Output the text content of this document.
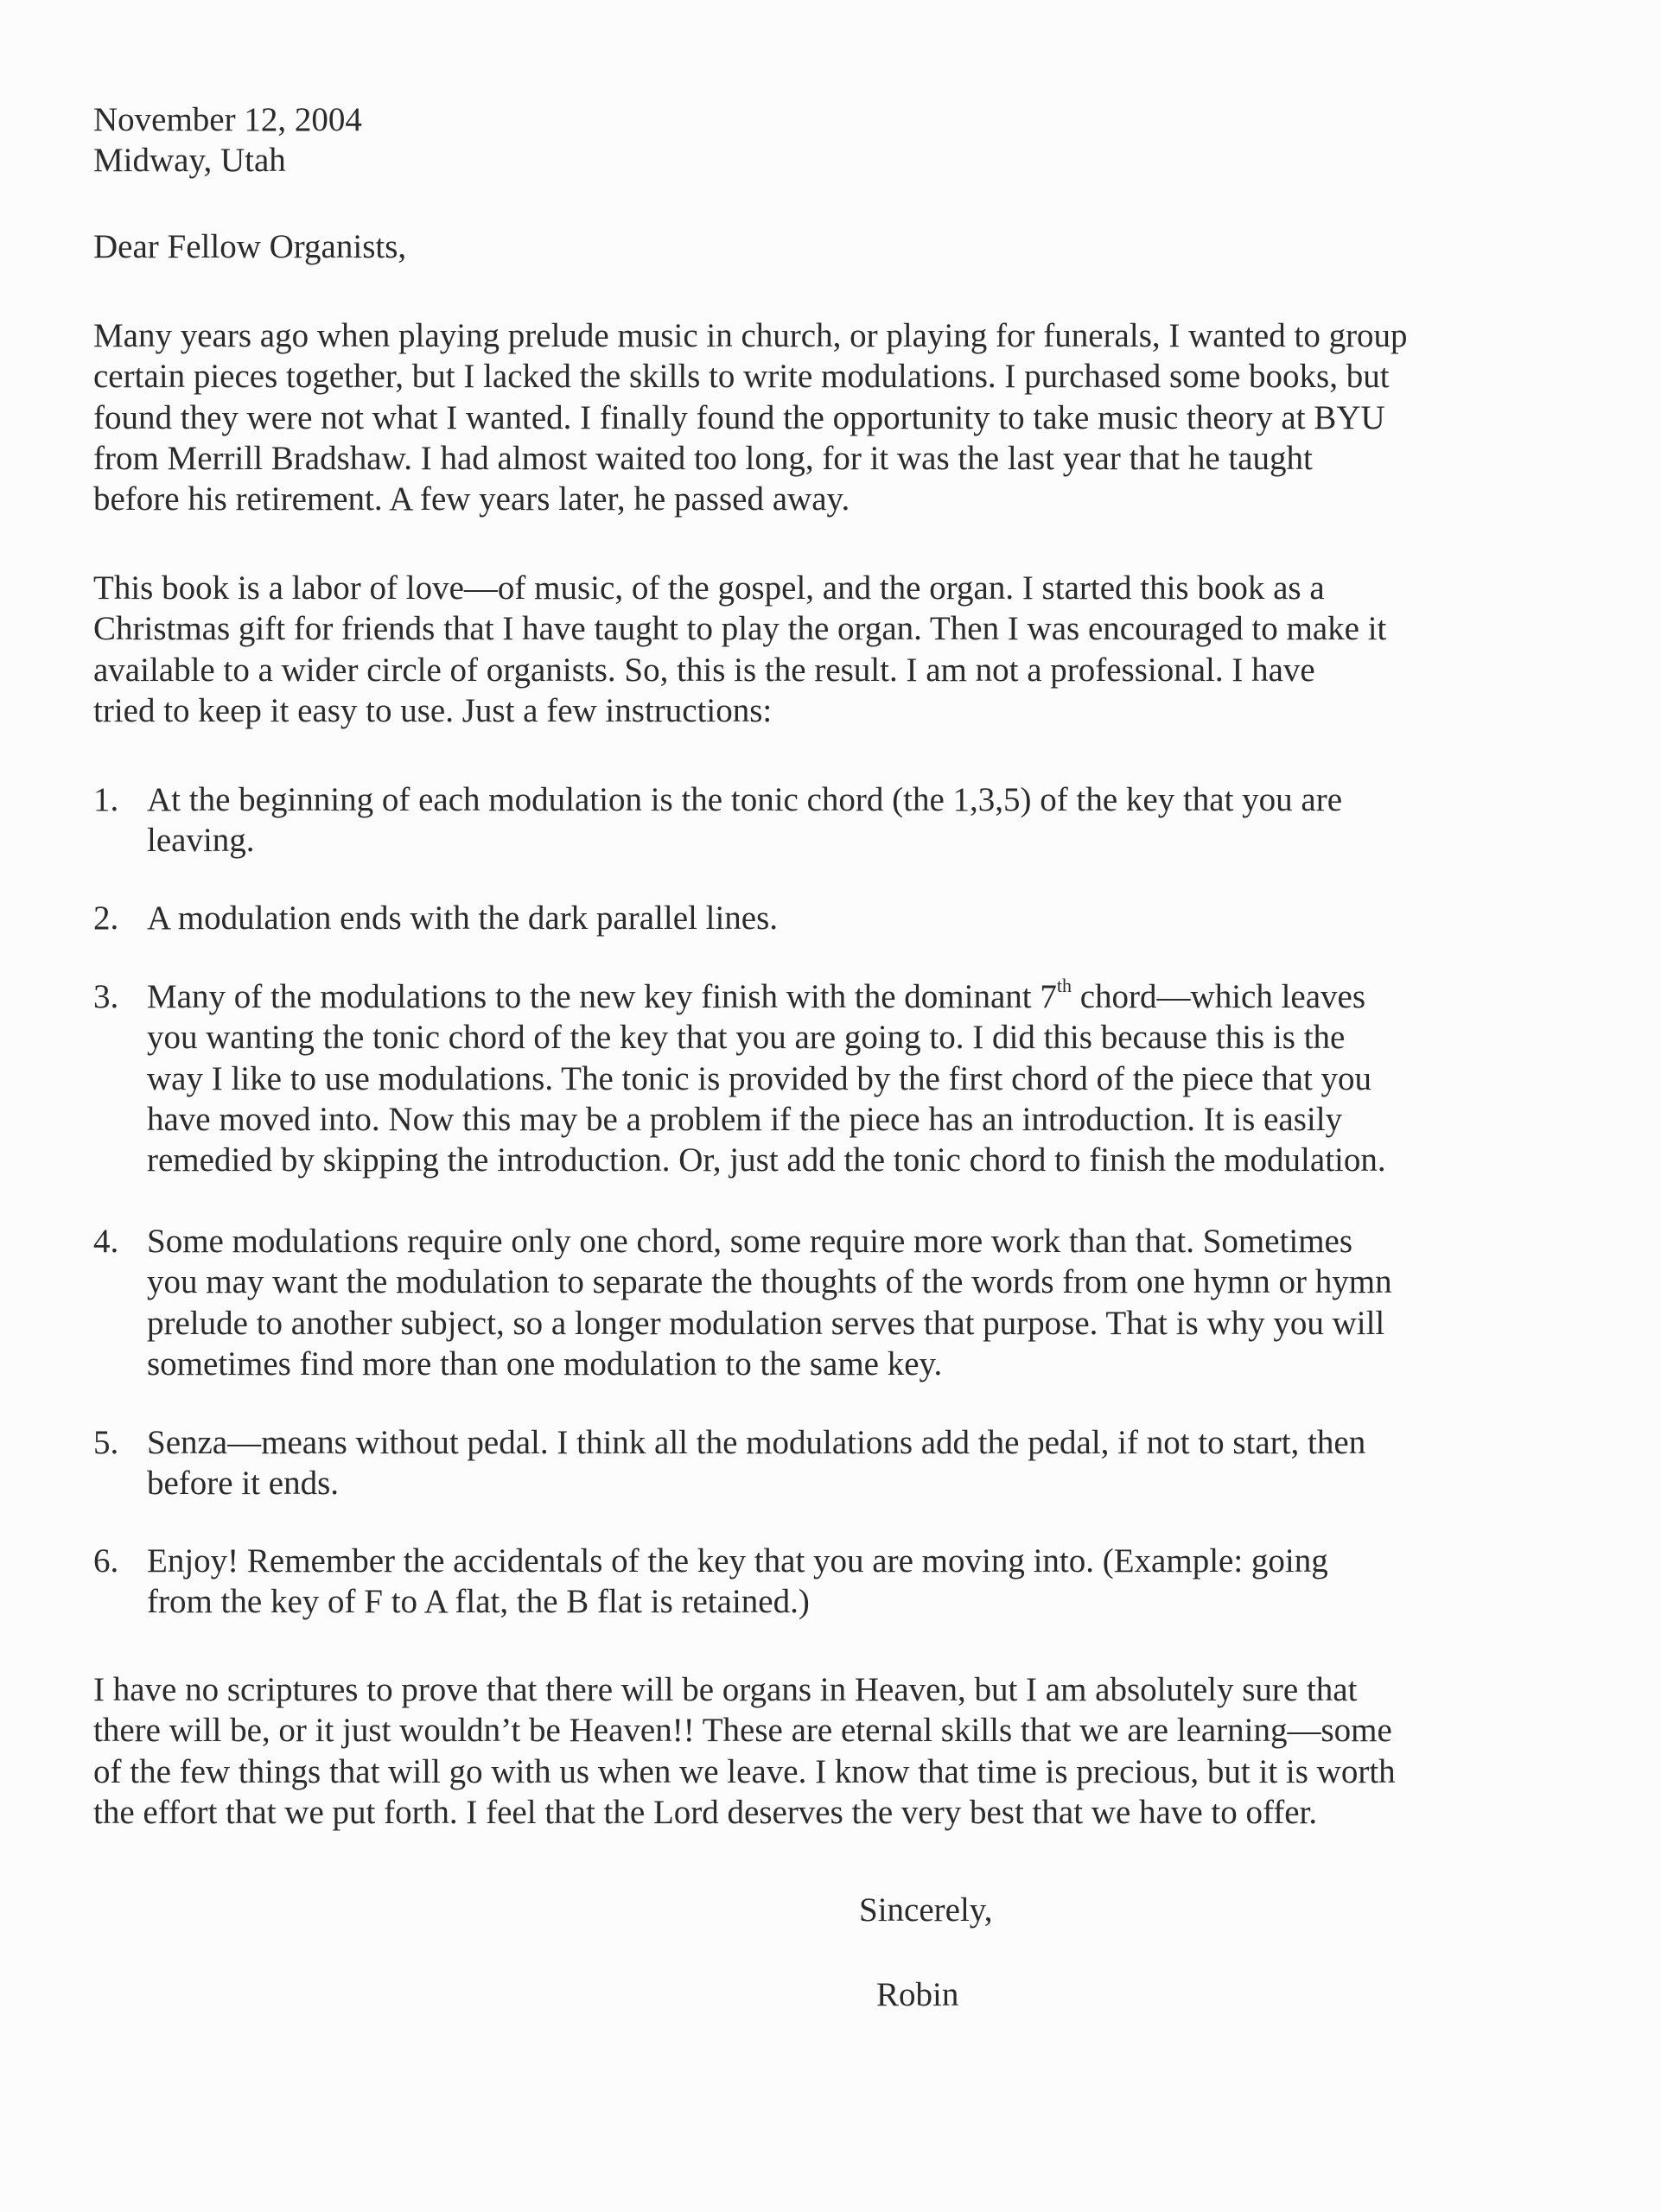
November 12, 2004
Midway, Utah
Dear Fellow Organists,
Many years ago when playing prelude music in church, or playing for funerals, I wanted to group
certain pieces together, but I lacked the skills to write modulations. I purchased some books, but
found they were not what I wanted. I finally found the opportunity to take music theory at BYU
from Merrill Bradshaw. I had almost waited too long, for it was the last year that he taught
before his retirement. A few years later, he passed away.
This book is a labor of love—of music, of the gospel, and the organ. I started this book as a
Christmas gift for friends that I have taught to play the organ. Then I was encouraged to make it
available to a wider circle of organists. So, this is the result. I am not a professional. I have
tried to keep it easy to use. Just a few instructions:
1. At the beginning of each modulation is the tonic chord (the 1,3,5) of the key that you are
leaving.
2. A modulation ends with the dark parallel lines.
3. Many of the modulations to the new key finish with the dominant 7th chord—which leaves
you wanting the tonic chord of the key that you are going to. I did this because this is the
way I like to use modulations. The tonic is provided by the first chord of the piece that you
have moved into. Now this may be a problem if the piece has an introduction. It is easily
remedied by skipping the introduction. Or, just add the tonic chord to finish the modulation.
4. Some modulations require only one chord, some require more work than that. Sometimes
you may want the modulation to separate the thoughts of the words from one hymn or hymn
prelude to another subject, so a longer modulation serves that purpose. That is why you will
sometimes find more than one modulation to the same key.
5. Senza—means without pedal. I think all the modulations add the pedal, if not to start, then
before it ends.
6. Enjoy! Remember the accidentals of the key that you are moving into. (Example: going
from the key of F to A flat, the B flat is retained.)
I have no scriptures to prove that there will be organs in Heaven, but I am absolutely sure that
there will be, or it just wouldn’t be Heaven!! These are eternal skills that we are learning—some
of the few things that will go with us when we leave. I know that time is precious, but it is worth
the effort that we put forth. I feel that the Lord deserves the very best that we have to offer.
Sincerely,
Robin
